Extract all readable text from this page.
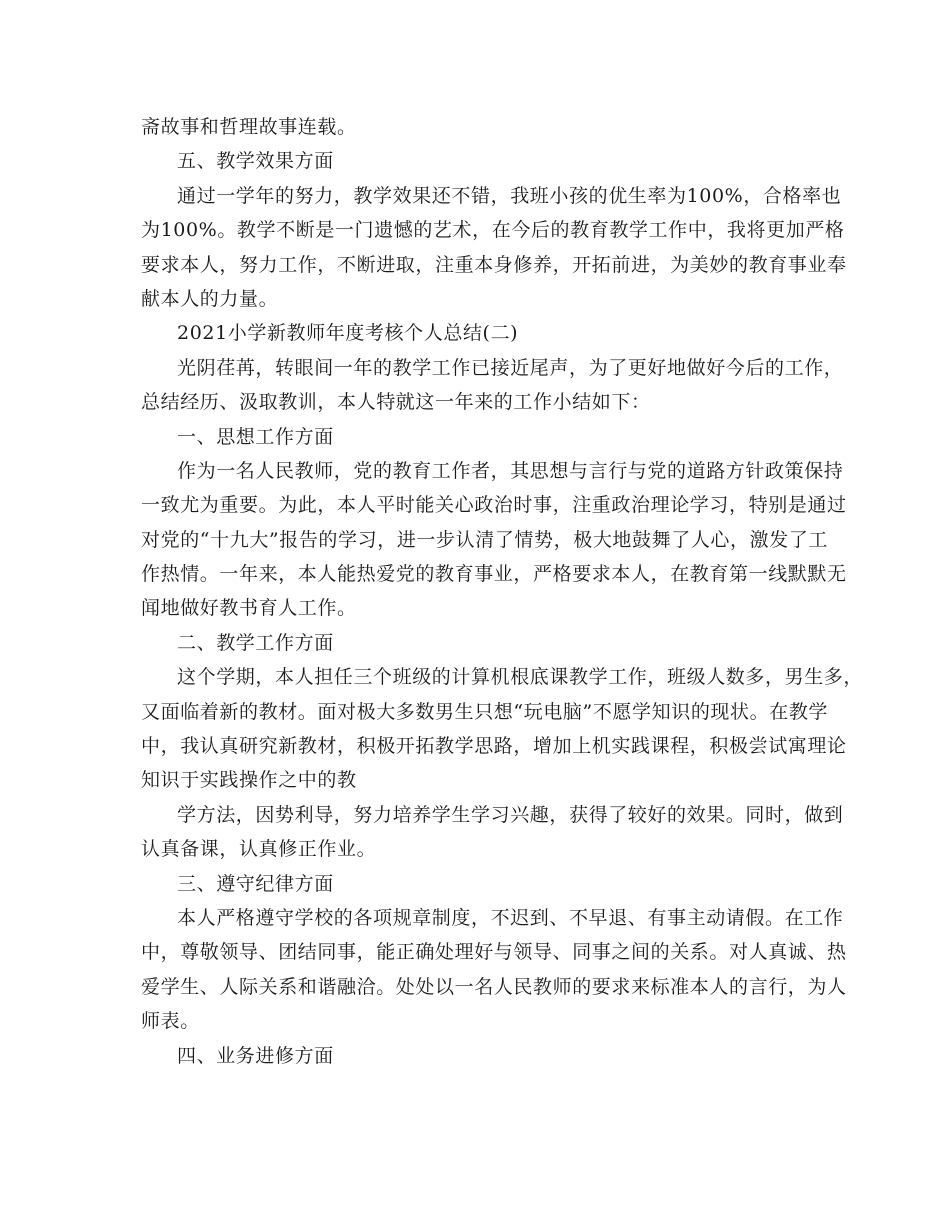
斋故事和哲理故事连载。
五、教学效果方面
通过一学年的努力，教学效果还不错，我班小孩的优生率为100%，合格率也
为100%。教学不断是一门遗憾的艺术，在今后的教育教学工作中，我将更加严格
要求本人，努力工作，不断进取，注重本身修养，开拓前进，为美妙的教育事业奉
献本人的力量。
2021小学新教师年度考核个人总结(二)
光阴荏苒，转眼间一年的教学工作已接近尾声，为了更好地做好今后的工作，
总结经历、汲取教训，本人特就这一年来的工作小结如下：
一、思想工作方面
作为一名人民教师，党的教育工作者，其思想与言行与党的道路方针政策保持
一致尤为重要。为此，本人平时能关心政治时事，注重政治理论学习，特别是通过
对党的“十九大”报告的学习，进一步认清了情势，极大地鼓舞了人心，激发了工
作热情。一年来，本人能热爱党的教育事业，严格要求本人，在教育第一线默默无
闻地做好教书育人工作。
二、教学工作方面
这个学期，本人担任三个班级的计算机根底课教学工作，班级人数多，男生多，
又面临着新的教材。面对极大多数男生只想“玩电脑”不愿学知识的现状。在教学
中，我认真研究新教材，积极开拓教学思路，增加上机实践课程，积极尝试寓理论
知识于实践操作之中的教
学方法，因势利导，努力培养学生学习兴趣，获得了较好的效果。同时，做到
认真备课，认真修正作业。
三、遵守纪律方面
本人严格遵守学校的各项规章制度，不迟到、不早退、有事主动请假。在工作
中，尊敬领导、团结同事，能正确处理好与领导、同事之间的关系。对人真诚、热
爱学生、人际关系和谐融洽。处处以一名人民教师的要求来标准本人的言行，为人
师表。
四、业务进修方面
